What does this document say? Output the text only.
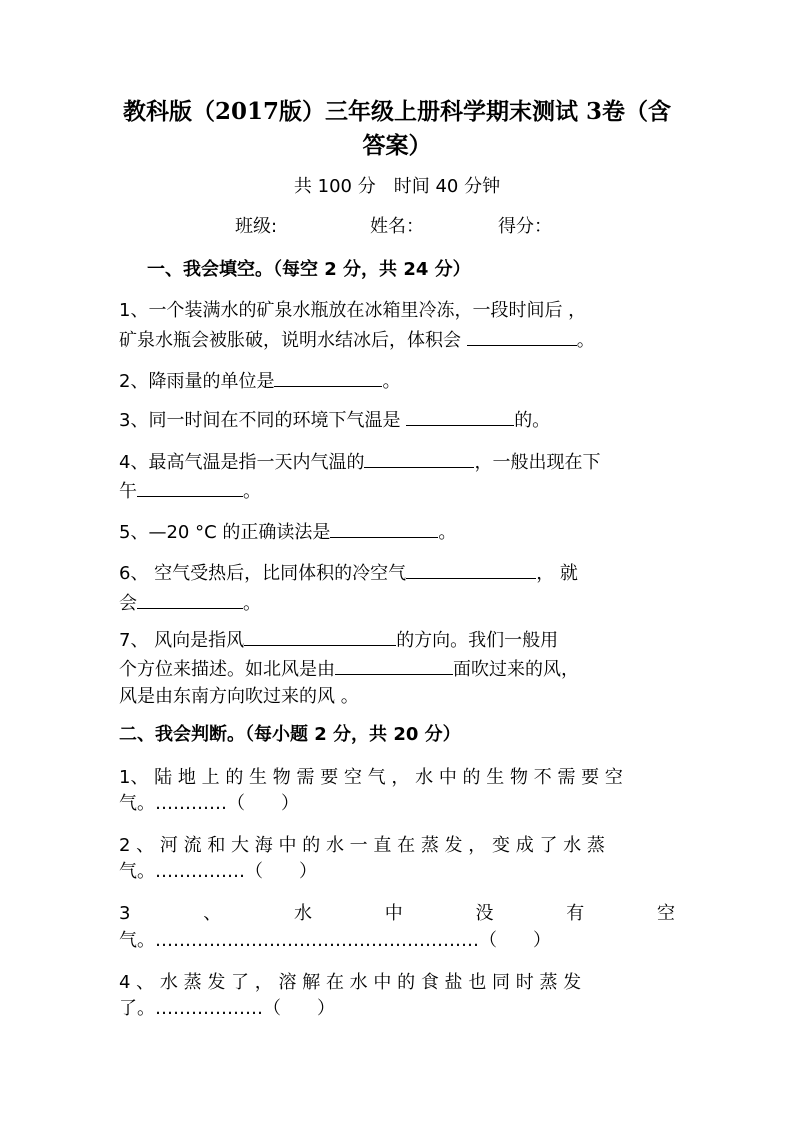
教科版（2017版）三年级上册科学期末测试 3卷（含
答案）
共 100 分　时间 40 分钟
班级:	姓名：	得分：
一、我会填空。（每空 2 分，共 24 分）
1、一个装满水的矿泉水瓶放在冰箱里冷冻，一段时间后 ，
矿泉水瓶会被胀破，说明水结冰后，体积会	。
2、降雨量的单位是	。
3、同一时间在不同的环境下气温是	的。
4、最高气温是指一天内气温的	，一般出现在下
午	。
5、—20 °C 的正确读法是	。
6、 空气受热后，比同体积的冷空气	， 就
会	。
7、 风向是指风	的方向。我们一般用
个方位来描述。如北风是由	面吹过来的风，
风是由东南方向吹过来的风 。
二、我会判断。（每小题 2 分，共 20 分）
1、 陆 地 上 的 生 物 需 要 空 气 ， 水 中 的 生 物 不 需 要 空
气。…………（　　）
2 、 河 流 和 大 海 中 的 水 一 直 在 蒸 发 ， 变 成 了 水 蒸
气。……………（　　）
3	、	水	中	没	有	空
气。………………………………………………（　　）
4 、 水 蒸 发 了 ， 溶 解 在 水 中 的 食 盐 也 同 时 蒸 发
了。………………（　　）
